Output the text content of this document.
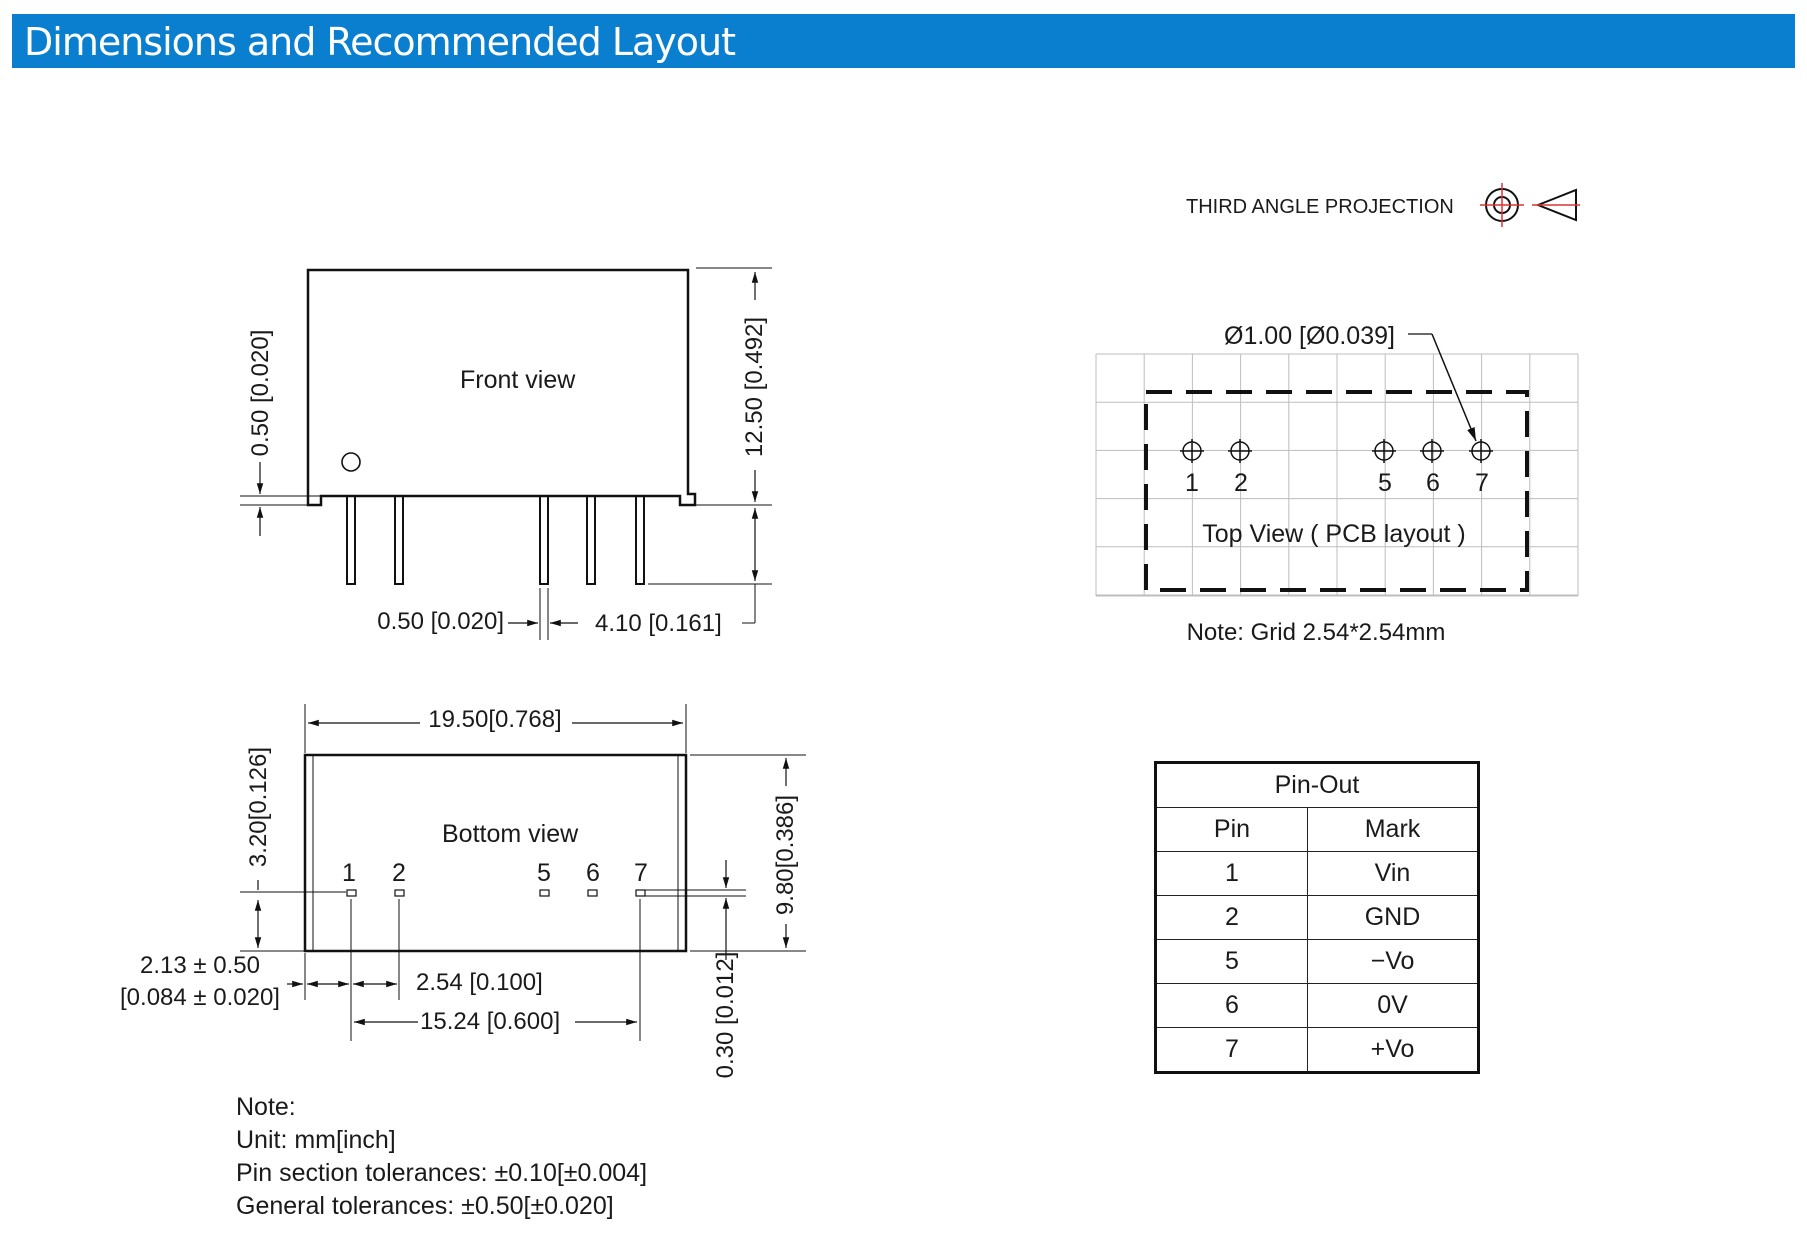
Dimensions and Recommended Layout
THIRD ANGLE PROJECTION
Front view	12.50 [0.492]
0.50 [0.020]
0.50 [0.020]	4.10 [0.161]
Ø1.00 [Ø0.039]
1 2	5 6 7
Top View ( PCB layout )
Note: Grid 2.54*2.54mm
Bottom view
1 2	5 6 7
19.50[0.768]
9.80[0.386]
3.20[0.126]
2.54 [0.100]
15.24 [0.600]
2.13 ± 0.50
[0.084 ± 0.020]	0.30 [0.012]
Pin-Out	
Pin	Mark
1	Vin
2	GND
5	−Vo
6	0V
7	+Vo
Note:
Unit: mm[inch]
Pin section tolerances: ±0.10[±0.004]
General tolerances: ±0.50[±0.020]
